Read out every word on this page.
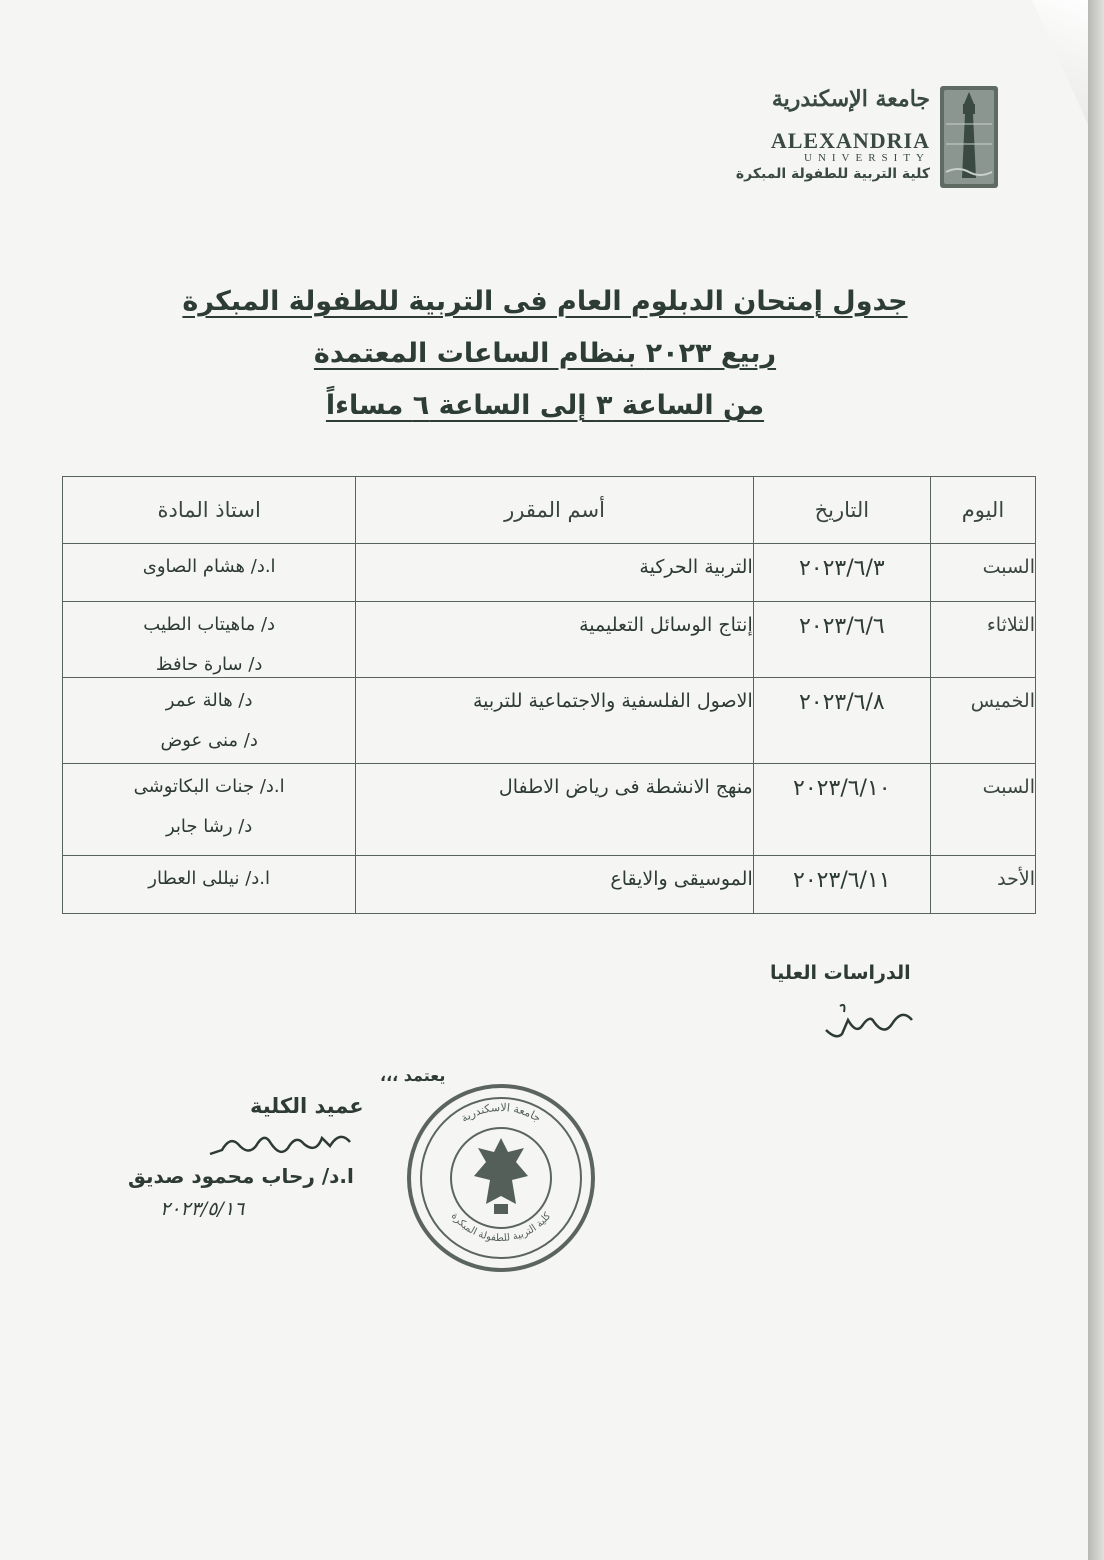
جامعة الإسكندرية
ALEXANDRIA
UNIVERSITY
كلية التربية للطفولة المبكرة
جدول إمتحان الدبلوم العام فى التربية للطفولة المبكرة
ربيع ٢٠٢٣ بنظام الساعات المعتمدة
من الساعة ٣ إلى الساعة ٦ مساءاً
اليوم	التاريخ	أسم المقرر	استاذ المادة
السبت	٢٠٢٣/٦/٣	التربية الحركية	ا.د/ هشام الصاوى

الثلاثاء	٢٠٢٣/٦/٦	إنتاج الوسائل التعليمية	د/ ماهيتاب الطيب
د/ سارة حافظ

الخميس	٢٠٢٣/٦/٨	الاصول الفلسفية والاجتماعية للتربية	د/ هالة عمر
د/ منى عوض

السبت	٢٠٢٣/٦/١٠	منهج الانشطة فى رياض الاطفال	ا.د/ جنات البكاتوشى
د/ رشا جابر

الأحد	٢٠٢٣/٦/١١	الموسيقى والايقاع	ا.د/ نيللى العطار
الدراسات العليا
يعتمد ،،،
عميد الكلية
ا.د/ رحاب محمود صديق
٢٠٢٣/٥/١٦
جامعة الاسكندرية
كلية التربية للطفولة المبكرة
